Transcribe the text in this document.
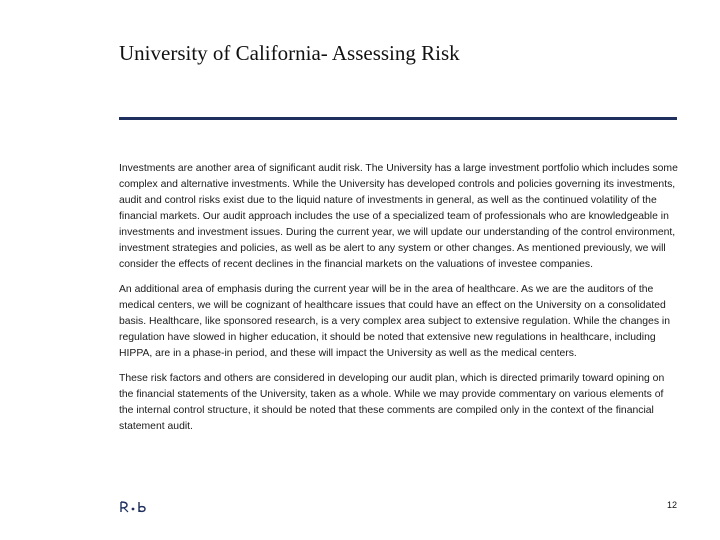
University of California- Assessing Risk

Investments are another area of significant audit risk. The University has a large investment portfolio which includes some complex and alternative investments. While the University has developed controls and policies governing its investments, audit and control risks exist due to the liquid nature of investments in general, as well as the continued volatility of the financial markets. Our audit approach includes the use of a specialized team of professionals who are knowledgeable in investments and investment issues. During the current year, we will update our understanding of the control environment, investment strategies and policies, as well as be alert to any system or other changes. As mentioned previously, we will consider the effects of recent declines in the financial markets on the valuations of investee companies.

An additional area of emphasis during the current year will be in the area of healthcare. As we are the auditors of the medical centers, we will be cognizant of healthcare issues that could have an effect on the University on a consolidated basis. Healthcare, like sponsored research, is a very complex area subject to extensive regulation. While the changes in regulation have slowed in higher education, it should be noted that extensive new regulations in healthcare, including HIPPA, are in a phase-in period, and these will impact the University as well as the medical centers.

These risk factors and others are considered in developing our audit plan, which is directed primarily toward opining on the financial statements of the University, taken as a whole. While we may provide commentary on various elements of the internal control structure, it should be noted that these comments are compiled only in the context of the financial statement audit.

12
